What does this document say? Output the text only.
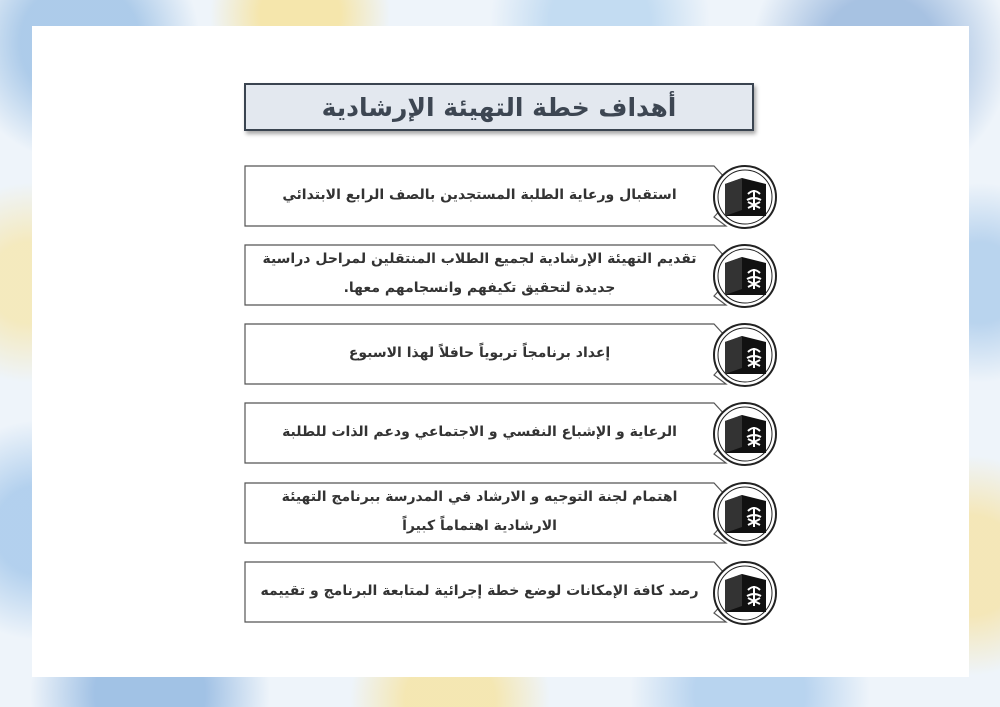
أهداف خطة التهيئة الإرشادية
استقبال ورعاية الطلبة المستجدين بالصف الرابع الابتدائي
تقديم التهيئة الإرشادية لجميع الطلاب المنتقلين لمراحل دراسية جديدة لتحقيق تكيفهم وانسجامهم معها.
إعداد برنامجاً تربوياً حافلاً لهذا الاسبوع
الرعاية و الإشباع النفسي و الاجتماعي ودعم الذات للطلبة
اهتمام لجنة التوجيه و الارشاد في المدرسة ببرنامج التهيئة الارشادية اهتماماً كبيراً
رصد كافة الإمكانات لوضع خطة إجرائية لمتابعة البرنامج و تقييمه
